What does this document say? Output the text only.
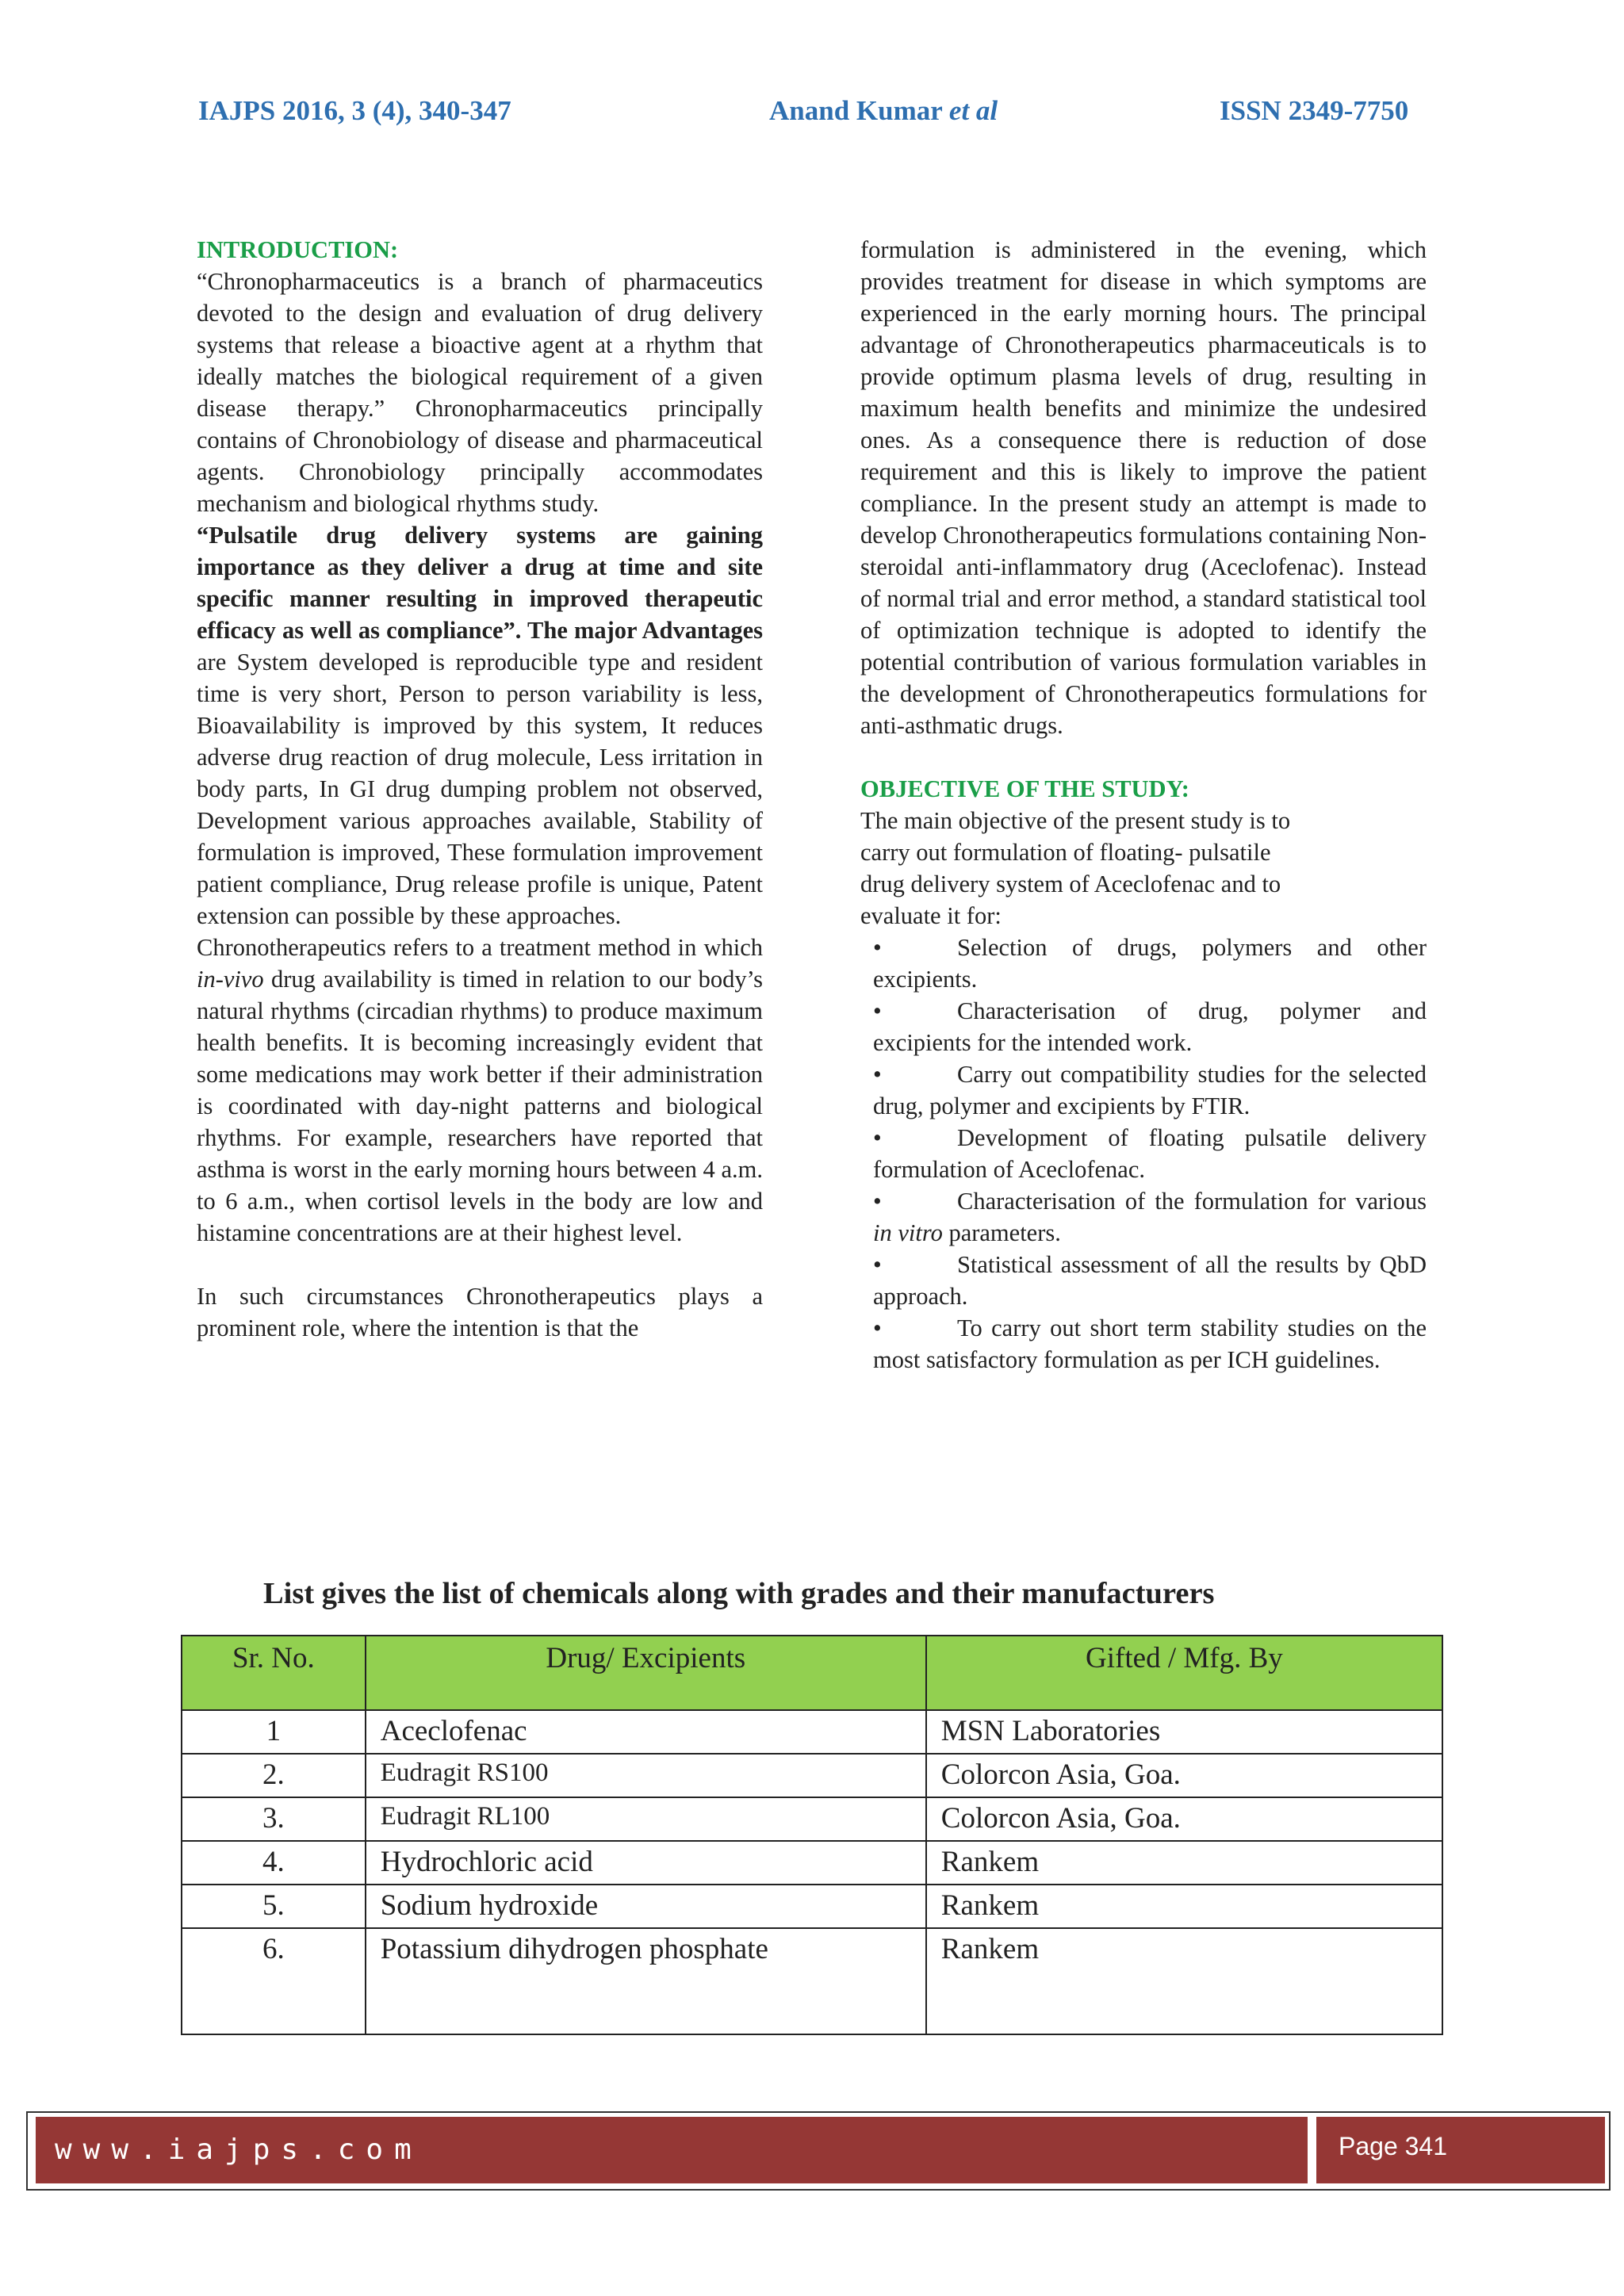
IAJPS 2016, 3 (4), 340-347	Anand Kumar et al	ISSN 2349-7750

INTRODUCTION:

“Chronopharmaceutics is a branch of pharmaceutics devoted to the design and evaluation of drug delivery systems that release a bioactive agent at a rhythm that ideally matches the biological requirement of a given disease therapy.” Chronopharmaceutics principally contains of Chronobiology of disease and pharmaceutical agents. Chronobiology principally accommodates mechanism and biological rhythms study.

“Pulsatile drug delivery systems are gaining importance as they deliver a drug at time and site specific manner resulting in improved therapeutic efficacy as well as compliance”. The major Advantages are System developed is reproducible type and resident time is very short, Person to person variability is less, Bioavailability is improved by this system, It reduces adverse drug reaction of drug molecule, Less irritation in body parts, In GI drug dumping problem not observed, Development various approaches available, Stability of formulation is improved, These formulation improvement patient compliance, Drug release profile is unique, Patent extension can possible by these approaches.

Chronotherapeutics refers to a treatment method in which in-vivo drug availability is timed in relation to our body’s natural rhythms (circadian rhythms) to produce maximum health benefits. It is becoming increasingly evident that some medications may work better if their administration is coordinated with day-night patterns and biological rhythms. For example, researchers have reported that asthma is worst in the early morning hours between 4 a.m. to 6 a.m., when cortisol levels in the body are low and histamine concentrations are at their highest level.

In such circumstances Chronotherapeutics plays a prominent role, where the intention is that the

formulation is administered in the evening, which provides treatment for disease in which symptoms are experienced in the early morning hours. The principal advantage of Chronotherapeutics pharmaceuticals is to provide optimum plasma levels of drug, resulting in maximum health benefits and minimize the undesired ones. As a consequence there is reduction of dose requirement and this is likely to improve the patient compliance. In the present study an attempt is made to develop Chronotherapeutics formulations containing Non-steroidal anti-inflammatory drug (Aceclofenac). Instead of normal trial and error method, a standard statistical tool of optimization technique is adopted to identify the potential contribution of various formulation variables in the development of Chronotherapeutics formulations for anti-asthmatic drugs.

OBJECTIVE OF THE STUDY:

The main objective of the present study is to
carry out formulation of floating- pulsatile
drug delivery system of Aceclofenac and to
evaluate it for:
•	Selection of drugs, polymers and other excipients.
•	Characterisation of drug, polymer and excipients for the intended work.
•	Carry out compatibility studies for the selected drug, polymer and excipients by FTIR.
•	Development of floating pulsatile delivery formulation of Aceclofenac.
•	Characterisation of the formulation for various in vitro parameters.
•	Statistical assessment of all the results by QbD approach.
•	To carry out short term stability studies on the most satisfactory formulation as per ICH guidelines.
List gives the list of chemicals along with grades and their manufacturers
Sr. No.	Drug/ Excipients	Gifted / Mfg. By
1	Aceclofenac	MSN Laboratories
2.	Eudragit RS100	Colorcon Asia, Goa.
3.	Eudragit RL100	Colorcon Asia, Goa.
4.	Hydrochloric acid	Rankem
5.	Sodium hydroxide	Rankem
6.	Potassium dihydrogen phosphate	Rankem
www.iajps.com	Page 341
